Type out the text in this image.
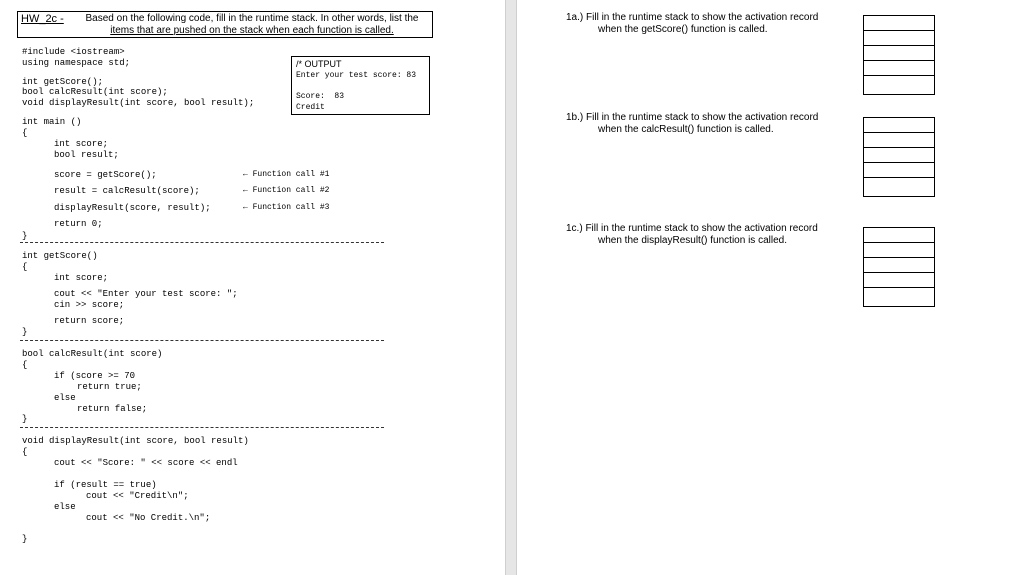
HW_2c -	Based on the following code, fill in the runtime stack. In other words, list the
items that are pushed on the stack when each function is called.
#include <iostream>
using namespace std;
int getScore();
bool calcResult(int score);
void displayResult(int score, bool result);
int main ()
{
int score;
bool result;
score = getScore();
result = calcResult(score);
displayResult(score, result);
return 0;
}
← Function call #1
← Function call #2
← Function call #3
/* OUTPUT
Enter your test score: 83
Score:  83
Credit
int getScore()
{
int score;
cout << "Enter your test score: ";
cin >> score;
return score;
}
bool calcResult(int score)
{
if (score >= 70
return true;
else
return false;
}
void displayResult(int score, bool result)
{
cout << "Score: " << score << endl
if (result == true)
cout << "Credit\n";
else
cout << "No Credit.\n";
}
1a.) Fill in the runtime stack to show the activation record
when the getScore() function is called.
1b.) Fill in the runtime stack to show the activation record
when the calcResult() function is called.
1c.) Fill in the runtime stack to show the activation record
when the displayResult() function is called.
